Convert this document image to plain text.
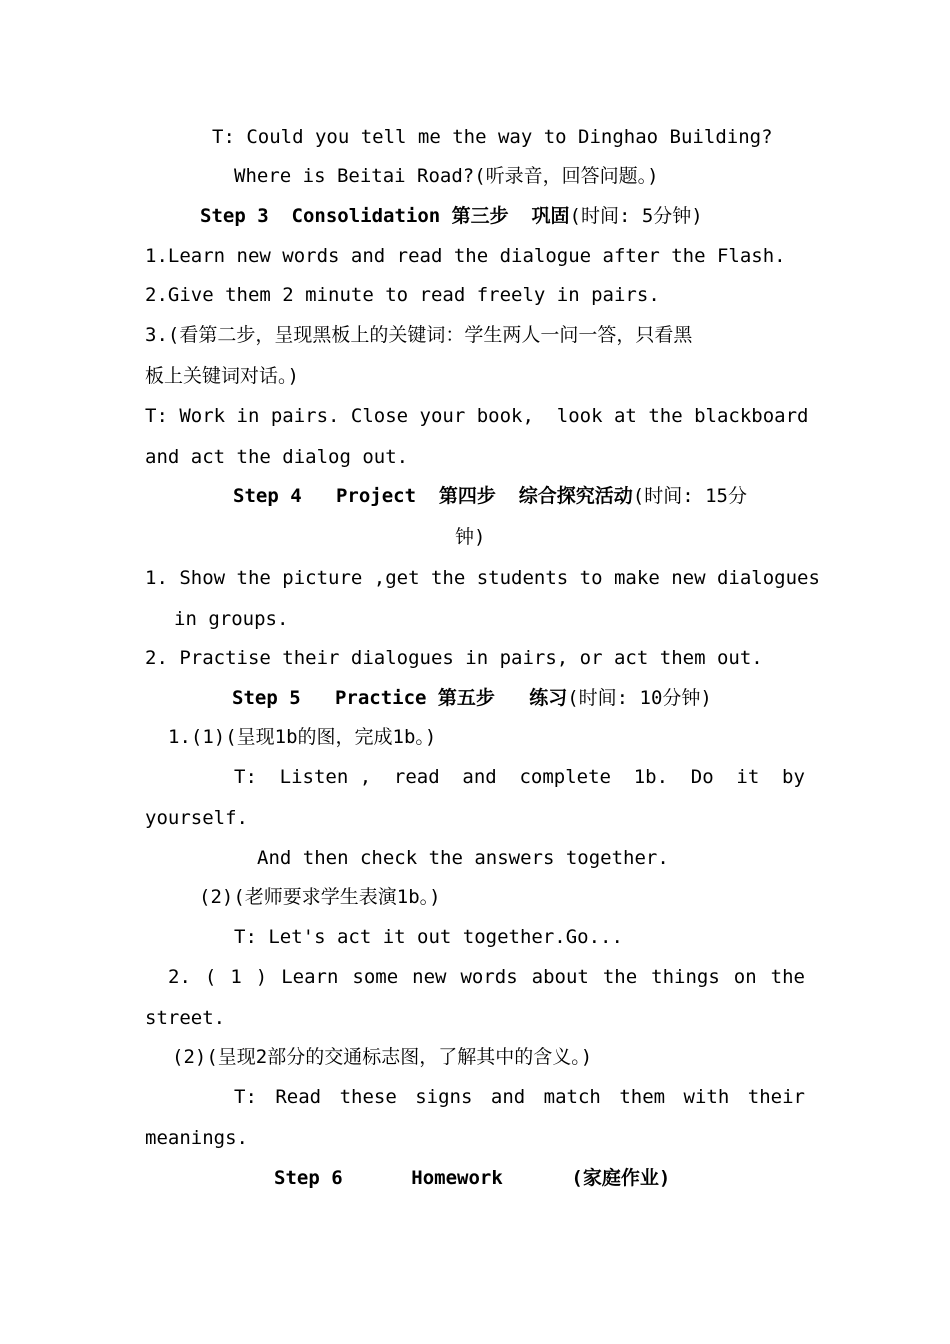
T: Could you tell me the way to Dinghao Building?
Where is Beitai Road?(听录音，回答问题。)
Step 3  Consolidation 第三步  巩固(时间: 5分钟)
1.Learn new words and read the dialogue after the Flash.
2.Give them 2 minute to read freely in pairs.
3.(看第二步，呈现黑板上的关键词：学生两人一问一答，只看黑
板上关键词对话。)
T: Work in pairs. Close your book,  look at the blackboard
and act the dialog out.
Step 4   Project  第四步  综合探究活动(时间: 15分
钟)
1. Show the picture ,get the students to make new dialogues
in groups.
2. Practise their dialogues in pairs, or act them out.
Step 5   Practice 第五步   练习(时间: 10分钟)
1.(1)(呈现1b的图，完成1b。)
T: Listen , read and complete 1b. Do it by
yourself.
And then check the answers together.
(2)(老师要求学生表演1b。)
T: Let's act it out together.Go...
2. ( 1 ) Learn some new words about the things on the
street.
(2)(呈现2部分的交通标志图，了解其中的含义。)
T: Read these signs and match them with their
meanings.
Step 6      Homework      (家庭作业)
